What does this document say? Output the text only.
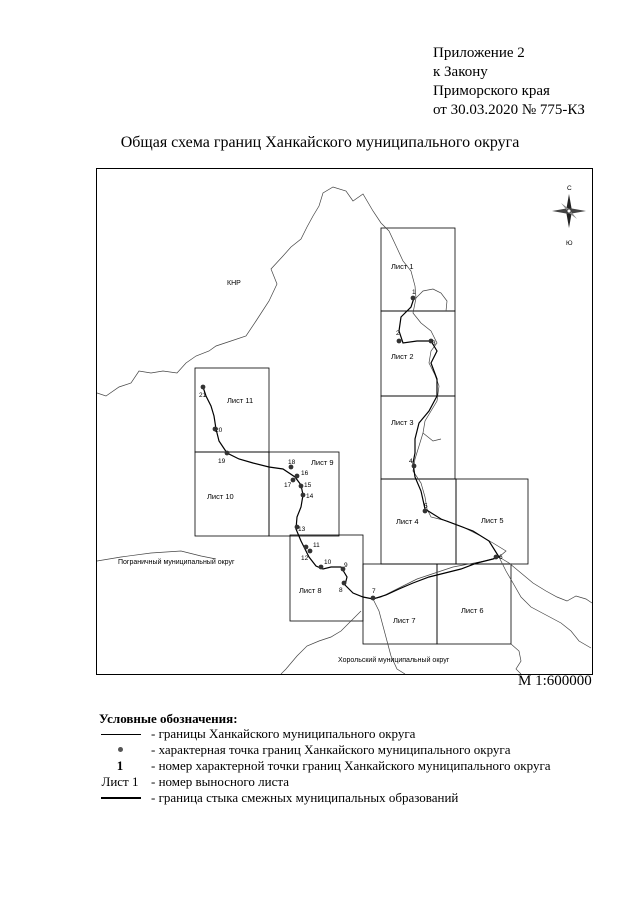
Приложение 2
к Закону
Приморского края
от 30.03.2020 № 775-КЗ
Общая схема границ Ханкайского муниципального округа
1
2
3
4
5
6
7
8
9
10
11
12
13
14
15
16
17
18
19
20
21
Лист 1
Лист 2
Лист 3
Лист 4	Лист 5
Лист 6
Лист 7
Лист 8
Лист 9
Лист 10
Лист 11
КНР
Пограничный муниципальный округ
Хорольский муниципальный округ
С
Ю
М 1:600000
Условные обозначения:
- границы Ханкайского муниципального округа
- характерная точка границ Ханкайского муниципального округа
1	- номер характерной точки границ Ханкайского муниципального округа
Лист 1 - номер выносного листа
- граница стыка смежных муниципальных образований
